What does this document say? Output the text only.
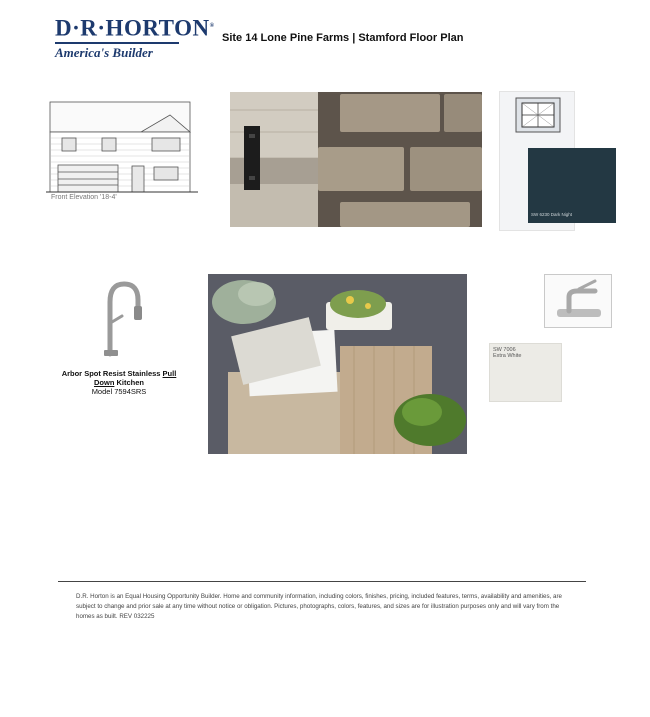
D·R·HORTON®
America's Builder
Site 14 Lone Pine Farms | Stamford Floor Plan
Front Elevation '18-4'
SW 6230 Dark Night
Arbor Spot Resist Stainless Pull
Down Kitchen
Model 7594SRS
SW 7006
Extra White
D.R. Horton is an Equal Housing Opportunity Builder. Home and community information, including colors, finishes, pricing, included features, terms, availability and amenities, are subject to change and prior sale at any time without notice or obligation. Pictures, photographs, colors, features, and sizes are for illustration purposes only and will vary from the homes as built. REV 032225
